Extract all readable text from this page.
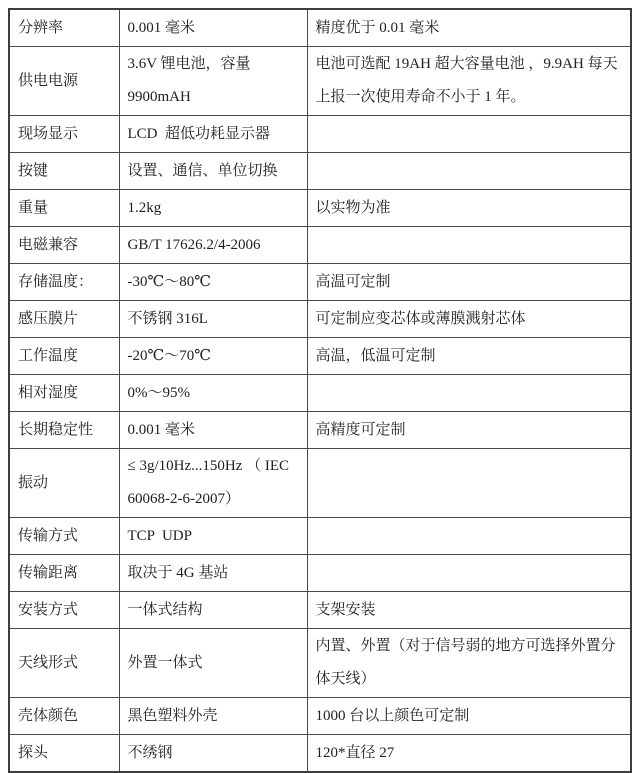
分辨率	0.001 毫米	精度优于 0.01 毫米
供电电源	3.6V 锂电池，容量 9900mAH	电池可选配 19AH 超大容量电池 ，9.9AH 每天上报一次使用寿命不小于 1 年。
现场显示	LCD  超低功耗显示器	
按键	设置、通信、单位切换	
重量	1.2kg	以实物为准
电磁兼容	GB/T 17626.2/4-2006	
存储温度：	-30℃～80℃	高温可定制
感压膜片	不锈钢 316L	可定制应变芯体或薄膜溅射芯体
工作温度	-20℃～70℃	高温，低温可定制
相对湿度	0%～95%	
长期稳定性	0.001 毫米	高精度可定制
振动	≤ 3g/10Hz...150Hz （ IEC 60068-2-6-2007）	
传输方式	TCP  UDP	
传输距离	取决于 4G 基站	
安装方式	一体式结构	支架安装
天线形式	外置一体式	内置、外置（对于信号弱的地方可选择外置分体天线）
壳体颜色	黑色塑料外壳	1000 台以上颜色可定制
探头	不绣钢	120*直径 27
